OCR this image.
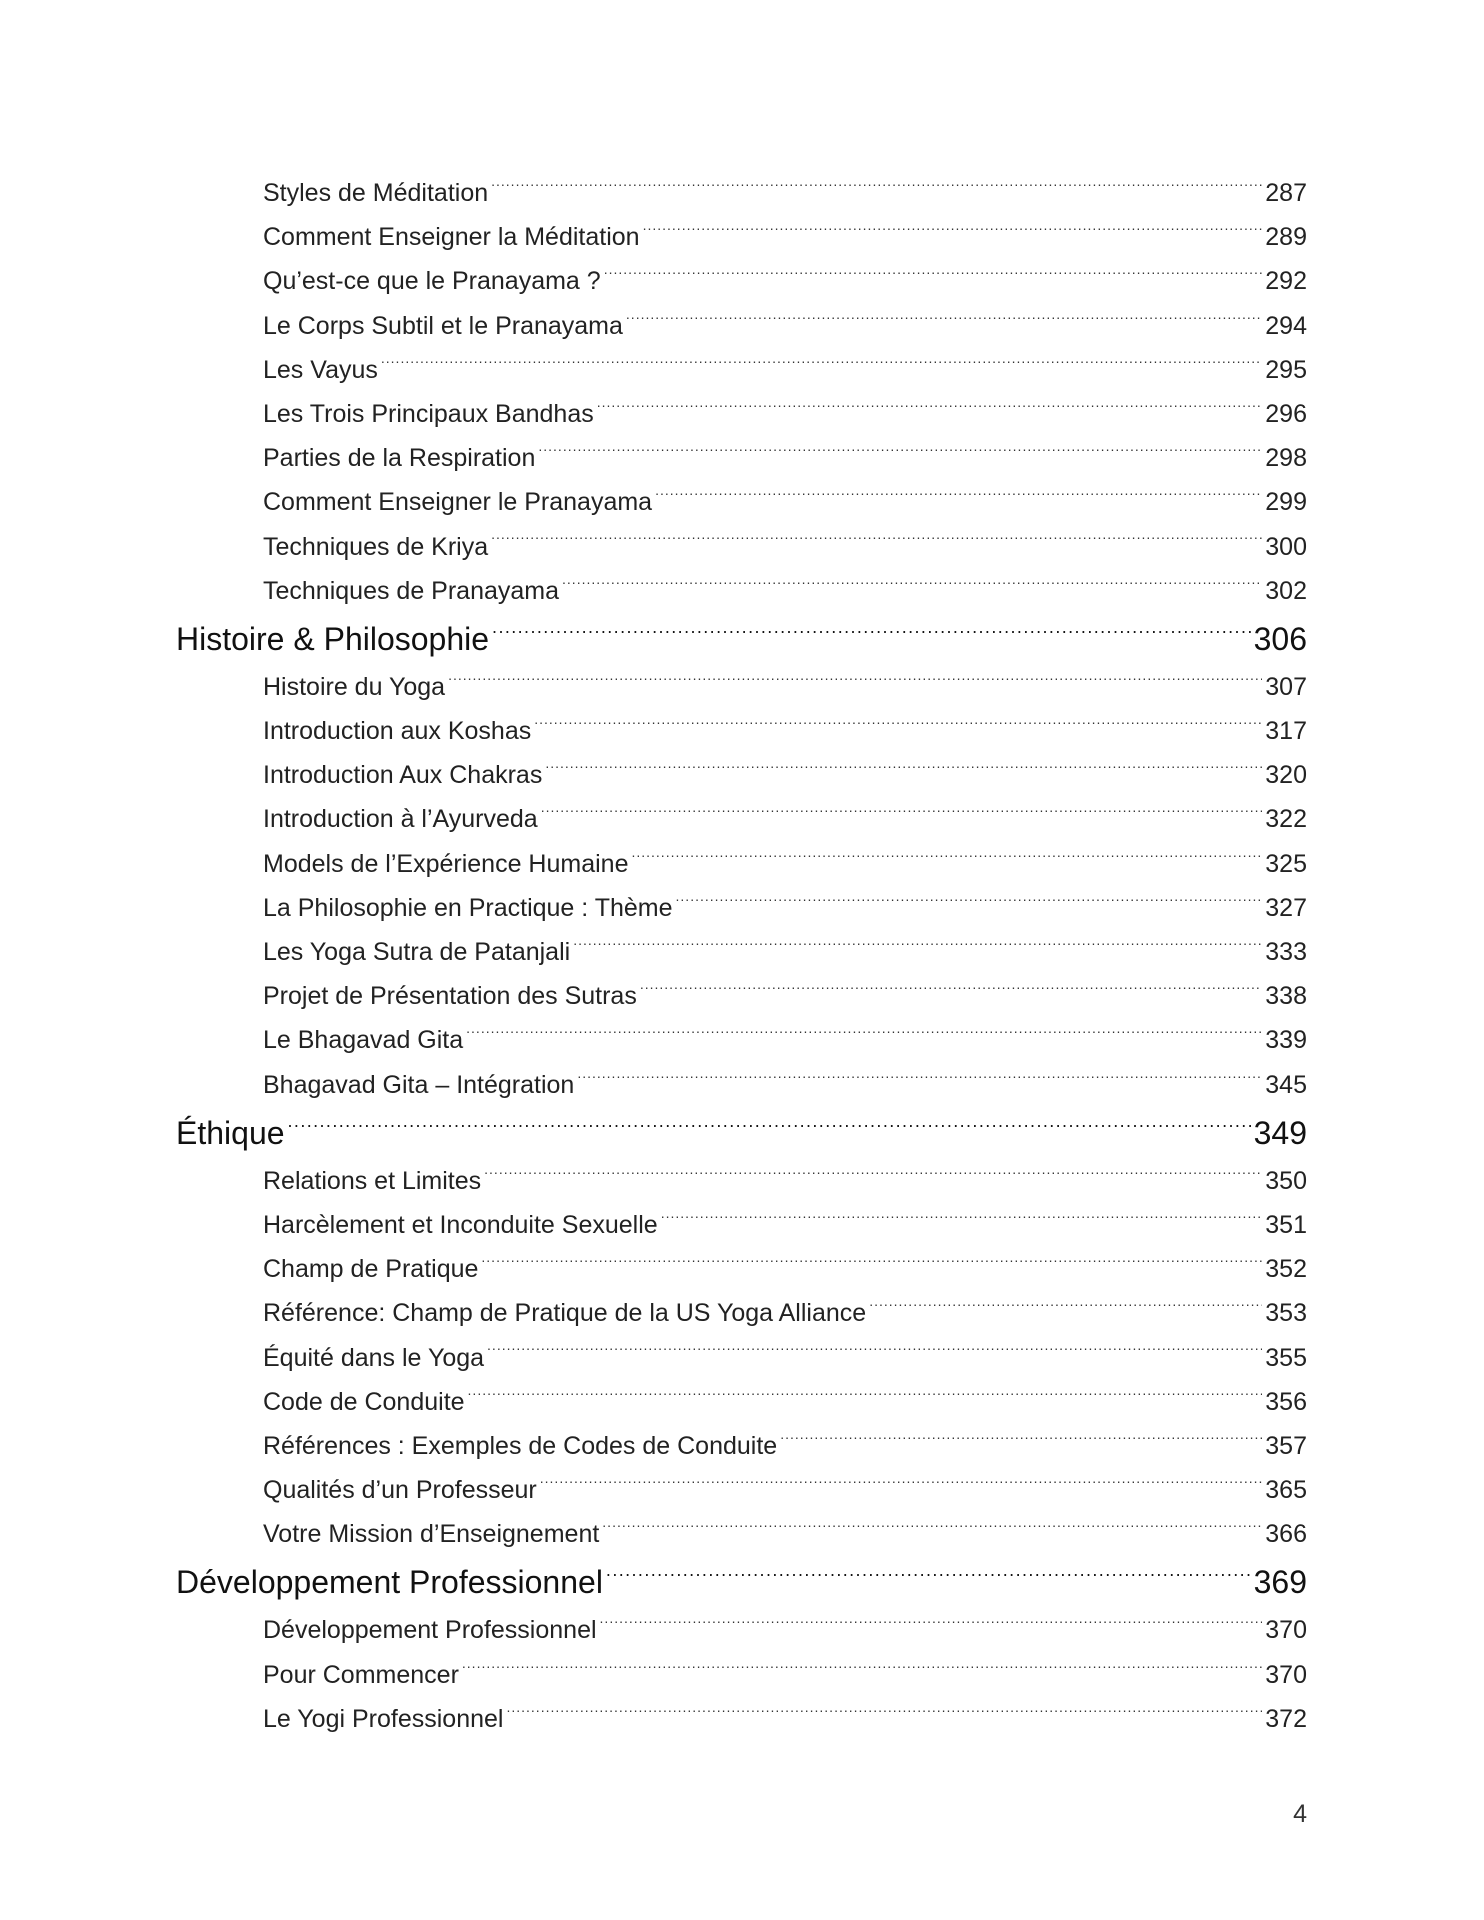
Styles de Méditation .....	287
Comment Enseigner la Méditation .....	289
Qu’est-ce que le Pranayama ? .....	292
Le Corps Subtil et le Pranayama .....	294
Les Vayus .....	295
Les Trois Principaux Bandhas .....	296
Parties de la Respiration .....	298
Comment Enseigner le Pranayama .....	299
Techniques de Kriya .....	300
Techniques de Pranayama .....	302
Histoire & Philosophie .....	306
Histoire du Yoga .....	307
Introduction aux Koshas .....	317
Introduction Aux Chakras .....	320
Introduction à l’Ayurveda .....	322
Models de l’Expérience Humaine .....	325
La Philosophie en Practique : Thème .....	327
Les Yoga Sutra de Patanjali .....	333
Projet de Présentation des Sutras .....	338
Le Bhagavad Gita .....	339
Bhagavad Gita – Intégration .....	345
Éthique .....	349
Relations et Limites .....	350
Harcèlement et Inconduite Sexuelle .....	351
Champ de Pratique .....	352
Référence: Champ de Pratique de la US Yoga Alliance .....	353
Équité dans le Yoga .....	355
Code de Conduite .....	356
Références : Exemples de Codes de Conduite .....	357
Qualités d’un Professeur .....	365
Votre Mission d’Enseignement .....	366
Développement Professionnel .....	369
Développement Professionnel .....	370
Pour Commencer .....	370
Le Yogi Professionnel .....	372
4
